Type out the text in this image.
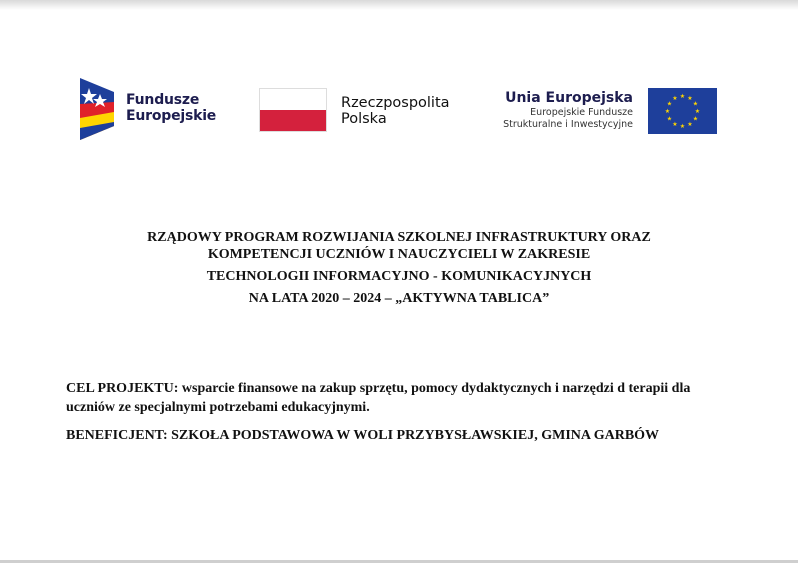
Fundusze
Europejskie
Rzeczpospolita
Polska
Unia Europejska
Europejskie Fundusze
Strukturalne i Inwestycyjne
★ ★
★
★
★
★
★
★
★
★
★
★
RZĄDOWY PROGRAM ROZWIJANIA SZKOLNEJ INFRASTRUKTURY ORAZ
KOMPETENCJI UCZNIÓW I NAUCZYCIELI W ZAKRESIE
TECHNOLOGII INFORMACYJNO - KOMUNIKACYJNYCH
NA LATA 2020 – 2024 – „AKTYWNA TABLICA”
CEL PROJEKTU: wsparcie finansowe na zakup sprzętu, pomocy dydaktycznych i narzędzi d terapii dla uczniów ze specjalnymi potrzebami edukacyjnymi.
BENEFICJENT: SZKOŁA PODSTAWOWA W WOLI PRZYBYSŁAWSKIEJ, GMINA GARBÓW
